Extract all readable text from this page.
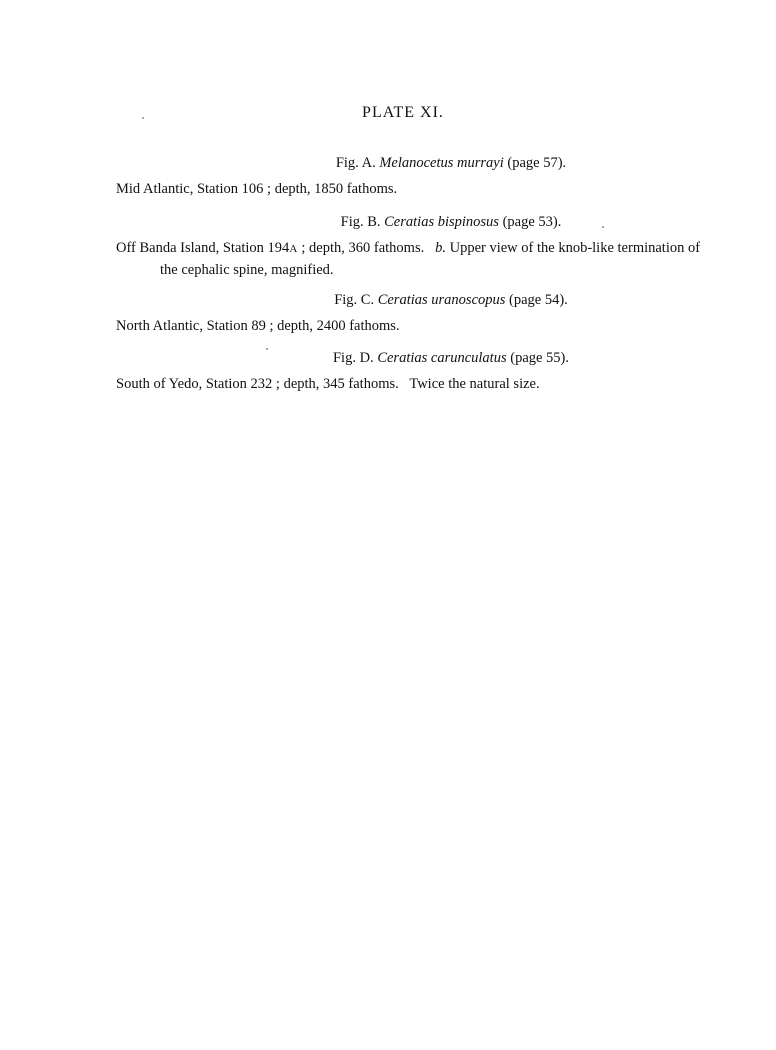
PLATE XI.
Fig. A. Melanocetus murrayi (page 57).
Mid Atlantic, Station 106 ; depth, 1850 fathoms.
Fig. B. Ceratias bispinosus (page 53).
Off Banda Island, Station 194A ; depth, 360 fathoms. b. Upper view of the knob-like termination of the cephalic spine, magnified.
Fig. C. Ceratias uranoscopus (page 54).
North Atlantic, Station 89 ; depth, 2400 fathoms.
Fig. D. Ceratias carunculatus (page 55).
South of Yedo, Station 232 ; depth, 345 fathoms.   Twice the natural size.
